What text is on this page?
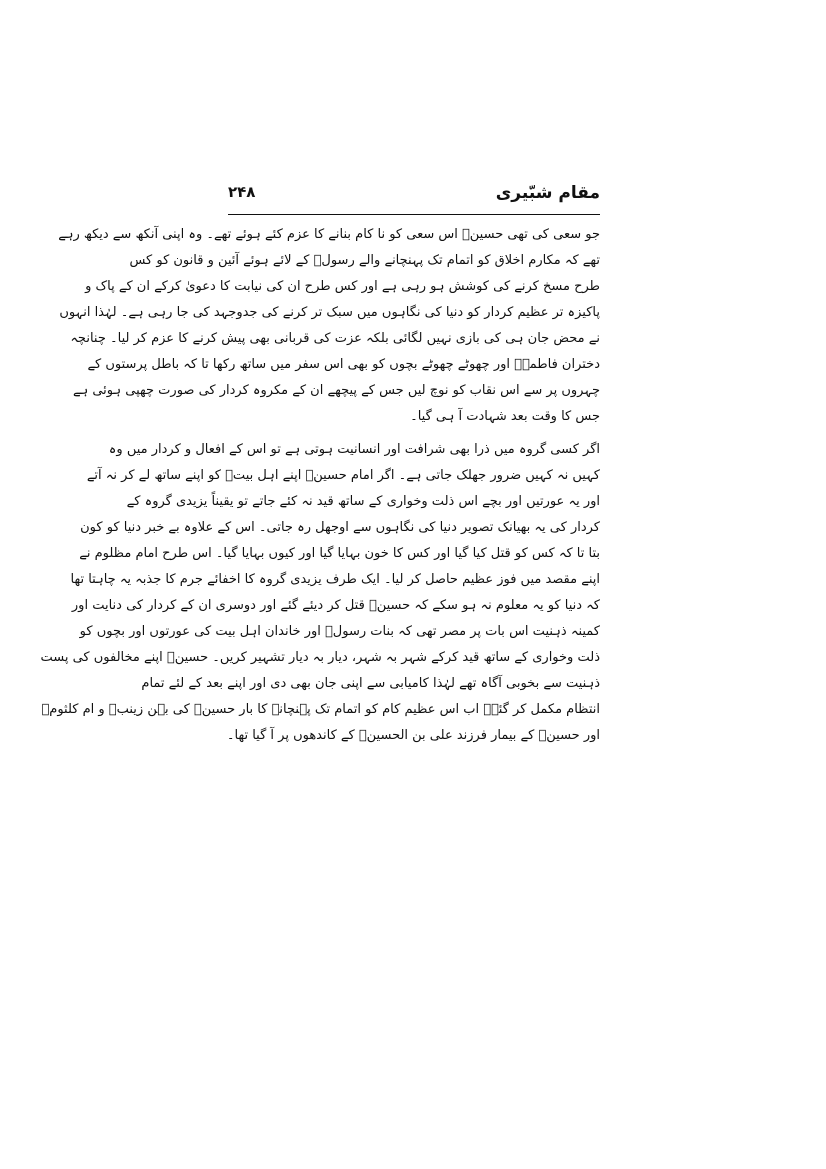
مقام شبّیری
۲۴۸
جو سعی کی تھی حسینؑ اس سعی کو نا کام بنانے کا عزم کئے ہوئے تھے۔ وہ اپنی آنکھ سے دیکھ رہے
تھے کہ مکارم اخلاق کو اتمام تک پہنچانے والے رسولؐ کے لائے ہوئے آئین و قانون کو کس
طرح مسخ کرنے کی کوشش ہو رہی ہے اور کس طرح ان کی نیابت کا دعویٰ کرکے ان کے پاک و
پاکیزہ تر عظیم کردار کو دنیا کی نگاہوں میں سبک تر کرنے کی جدوجہد کی جا رہی ہے۔ لہٰذا انہوں
نے محض جان ہی کی بازی نہیں لگائی بلکہ عزت کی قربانی بھی پیش کرنے کا عزم کر لیا۔ چنانچہ
دختران فاطمہؑ اور چھوٹے چھوٹے بچوں کو بھی اس سفر میں ساتھ رکھا تا کہ باطل پرستوں کے
چہروں پر سے اس نقاب کو نوچ لیں جس کے پیچھے ان کے مکروہ کردار کی صورت چھپی ہوئی ہے
جس کا وقت بعد شہادت آ ہی گیا۔
اگر کسی گروہ میں ذرا بھی شرافت اور انسانیت ہوتی ہے تو اس کے افعال و کردار میں وہ
کہیں نہ کہیں ضرور جھلک جاتی ہے۔ اگر امام حسینؑ اپنے اہل بیتؑ کو اپنے ساتھ لے کر نہ آتے
اور یہ عورتیں اور بچے اس ذلت وخواری کے ساتھ قید نہ کئے جاتے تو یقیناً یزیدی گروہ کے
کردار کی یہ بھیانک تصویر دنیا کی نگاہوں سے اوجھل رہ جاتی۔ اس کے علاوہ بے خبر دنیا کو کون
بتا تا کہ کس کو قتل کیا گیا اور کس کا خون بہایا گیا اور کیوں بہایا گیا۔ اس طرح امام مظلوم نے
اپنے مقصد میں فوز عظیم حاصل کر لیا۔ ایک طرف یزیدی گروہ کا اخفائے جرم کا جذبہ یہ چاہتا تھا
کہ دنیا کو یہ معلوم نہ ہو سکے کہ حسینؑ قتل کر دیئے گئے اور دوسری ان کے کردار کی دنایت اور
کمینہ ذہنیت اس بات پر مصر تھی کہ بنات رسولؐ اور خاندان اہل بیت کی عورتوں اور بچوں کو
ذلت وخواری کے ساتھ قید کرکے شہر بہ شہر، دیار بہ دیار تشہیر کریں۔ حسینؑ اپنے مخالفوں کی پست
ذہنیت سے بخوبی آگاہ تھے لہٰذا کامیابی سے اپنی جان بھی دی اور اپنے بعد کے لئے تمام
انتظام مکمل کر گئے۔ اب اس عظیم کام کو اتمام تک پہنچانے کا بار حسینؑ کی بہن زینبؑ و ام کلثومؑ
اور حسینؑ کے بیمار فرزند علی بن الحسینؑ کے کاندھوں پر آ گیا تھا۔
